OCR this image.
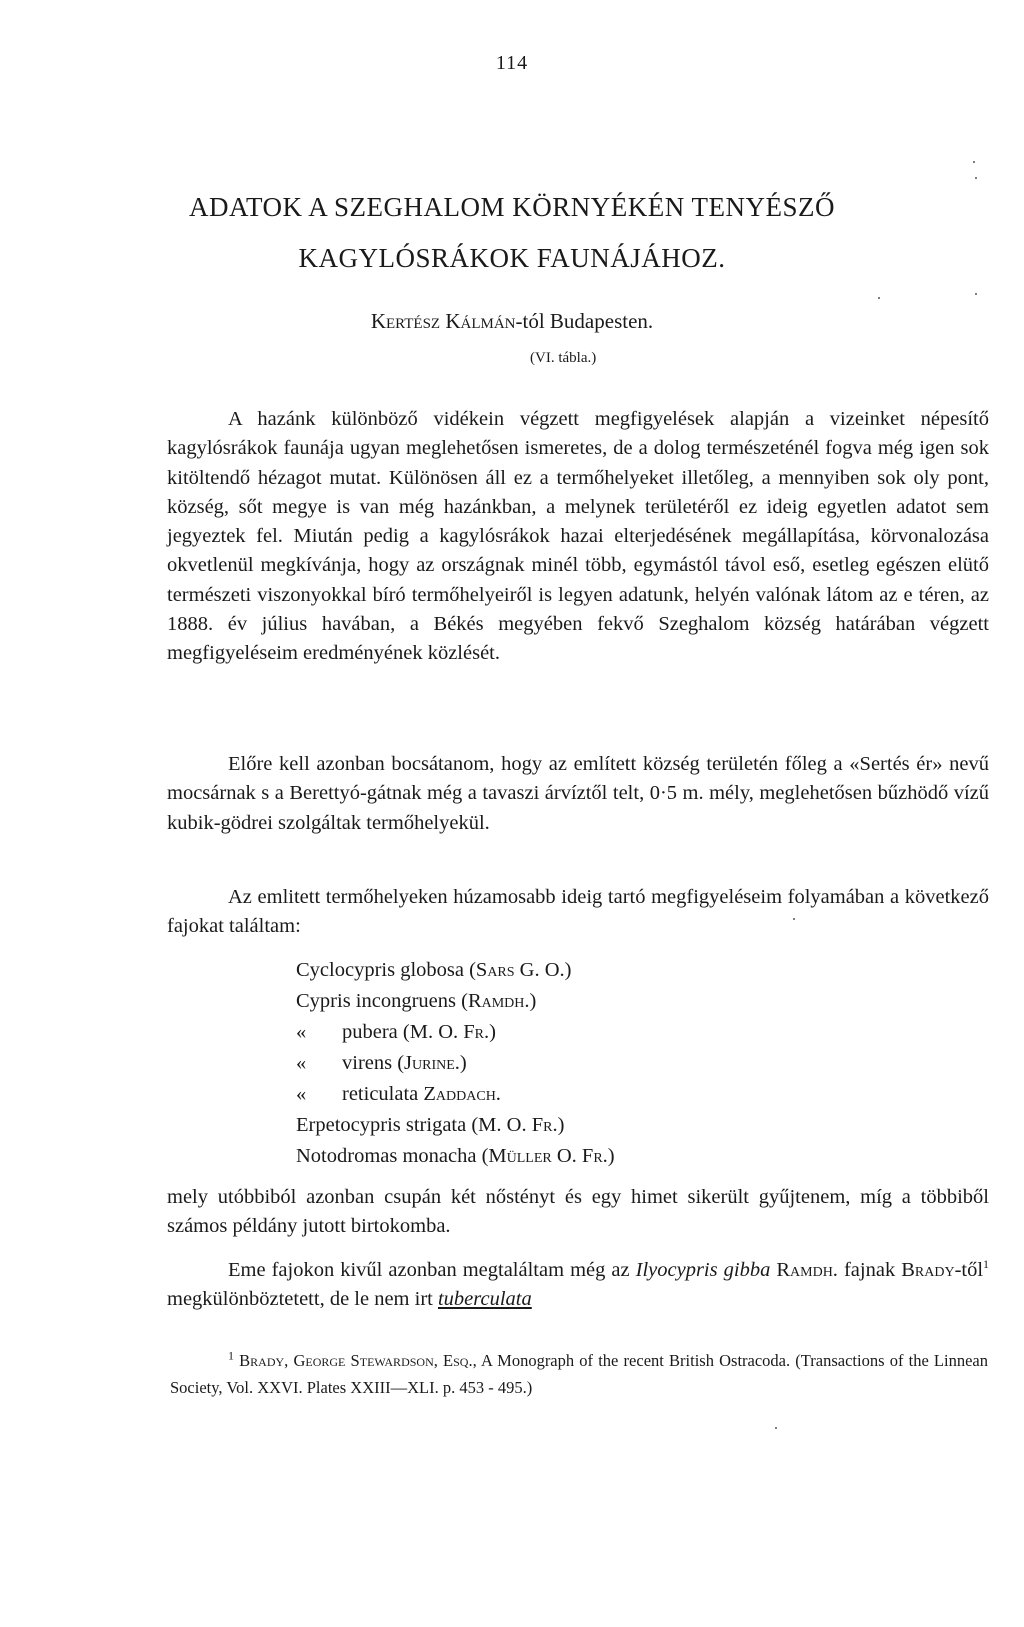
114
ADATOK A SZEGHALOM KÖRNYÉKÉN TENYÉSZŐ
KAGYLÓSRÁKOK FAUNÁJÁHOZ.
Kertész Kálmán-tól Budapesten.
(VI. tábla.)
A hazánk különböző vidékein végzett megfigyelések alapján a vizeinket népesítő kagylósrákok faunája ugyan meglehetősen ismeretes, de a dolog természeténél fogva még igen sok kitöltendő hézagot mutat. Különösen áll ez a termőhelyeket illetőleg, a mennyiben sok oly pont, község, sőt megye is van még hazánkban, a melynek területéről ez ideig egyetlen adatot sem jegyeztek fel. Miután pedig a kagylósrákok hazai elterjedésének megállapítása, körvonalozása okvetlenül megkívánja, hogy az országnak minél több, egymástól távol eső, esetleg egészen elütő természeti viszonyokkal bíró termőhelyeiről is legyen adatunk, helyén valónak látom az e téren, az 1888. év július havában, a Békés megyében fekvő Szeghalom község határában végzett megfigyeléseim eredményének közlését.
Előre kell azonban bocsátanom, hogy az említett község területén főleg a «Sertés ér» nevű mocsárnak s a Berettyó-gátnak még a tavaszi árvíztől telt, 0·5 m. mély, meglehetősen bűzhödő vízű kubik-gödrei szolgáltak termőhelyekül.
Az emlitett termőhelyeken húzamosabb ideig tartó megfigyeléseim folyamában a következő fajokat találtam:
Cyclocypris globosa (Sars G. O.)
Cypris incongruens (Ramdh.)
« pubera (M. O. Fr.)
« virens (Jurine.)
« reticulata Zaddach.
Erpetocypris strigata (M. O. Fr.)
Notodromas monacha (Müller O. Fr.)
mely utóbbiból azonban csupán két nőstényt és egy himet sikerült gyűjtenem, míg a többiből számos példány jutott birtokomba.
Eme fajokon kivűl azonban megtaláltam még az Ilyocypris gibba Ramdh. fajnak Brady-től$^1$ megkülönböztetett, de le nem irt tuberculata
$^1$ Brady, George Stewardson, Esq., A Monograph of the recent British Ostracoda. (Transactions of the Linnean Society, Vol. XXVI. Plates XXIII—XLI. p. 453 - 495.)
